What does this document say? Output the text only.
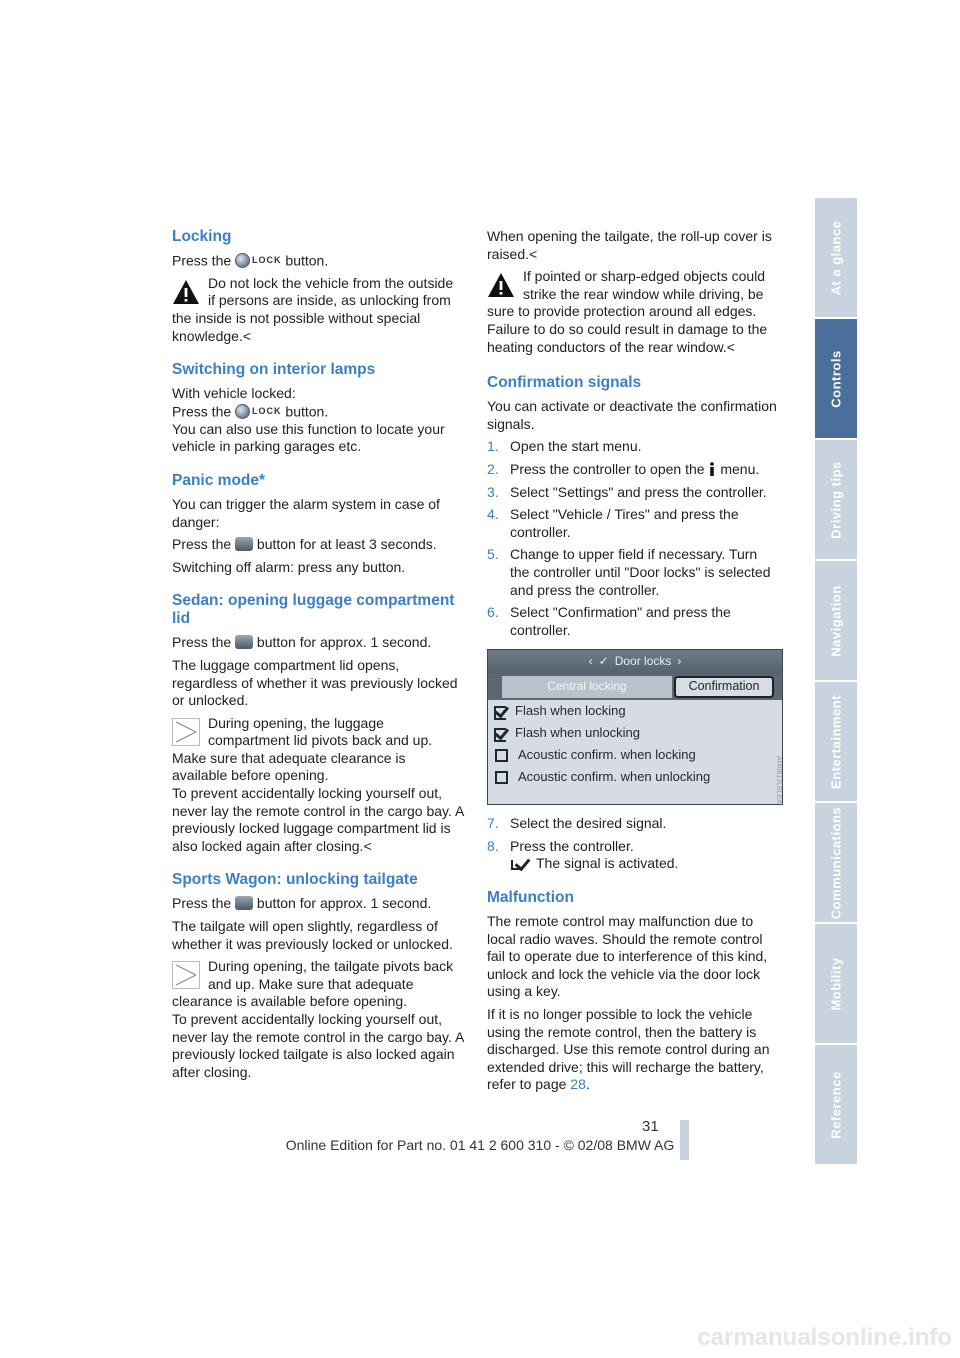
Locking

Press the LOCK button.

Do not lock the vehicle from the outside if persons are inside, as unlocking from the inside is not possible without special knowledge.<

Switching on interior lamps

With vehicle locked:

Press the LOCK button.

You can also use this function to locate your vehicle in parking garages etc.

Panic mode*

You can trigger the alarm system in case of danger:

Press the button for at least 3 seconds.

Switching off alarm: press any button.

Sedan: opening luggage compartment lid

Press the button for approx. 1 second.

The luggage compartment lid opens, regardless of whether it was previously locked or unlocked.

During opening, the luggage compartment lid pivots back and up. Make sure that adequate clearance is available before opening.

To prevent accidentally locking yourself out, never lay the remote control in the cargo bay. A previously locked luggage compartment lid is also locked again after closing.<

Sports Wagon: unlocking tailgate

Press the button for approx. 1 second.

The tailgate will open slightly, regardless of whether it was previously locked or unlocked.

During opening, the tailgate pivots back and up. Make sure that adequate clearance is available before opening.

To prevent accidentally locking yourself out, never lay the remote control in the cargo bay. A previously locked tailgate is also locked again after closing.

When opening the tailgate, the roll-up cover is raised.<

If pointed or sharp-edged objects could strike the rear window while driving, be sure to provide protection around all edges. Failure to do so could result in damage to the heating conductors of the rear window.<

Confirmation signals

You can activate or deactivate the confirmation signals.

1. Open the start menu.
2. Press the controller to open the menu.
3. Select "Settings" and press the controller.
4. Select "Vehicle / Tires" and press the controller.
5. Change to upper field if necessary. Turn the controller until "Door locks" is selected and press the controller.
6. Select "Confirmation" and press the controller.
‹ ✓ Door locks ›
Central locking	Confirmation
Flash when locking
Flash when unlocking
Acoustic confirm. when locking
Acoustic confirm. when unlocking
7. Select the desired signal.
8. Press the controller.
The signal is activated.
Malfunction

The remote control may malfunction due to local radio waves. Should the remote control fail to operate due to interference of this kind, unlock and lock the vehicle via the door lock using a key.

If it is no longer possible to lock the vehicle using the remote control, then the battery is discharged. Use this remote control during an extended drive; this will recharge the battery, refer to page 28.

AM0813LBLEA
At a glance
Controls
Driving tips
Navigation
Entertainment
Communications
Mobility
Reference
31
Online Edition for Part no. 01 41 2 600 310 - © 02/08 BMW AG
carmanualsonline.info
